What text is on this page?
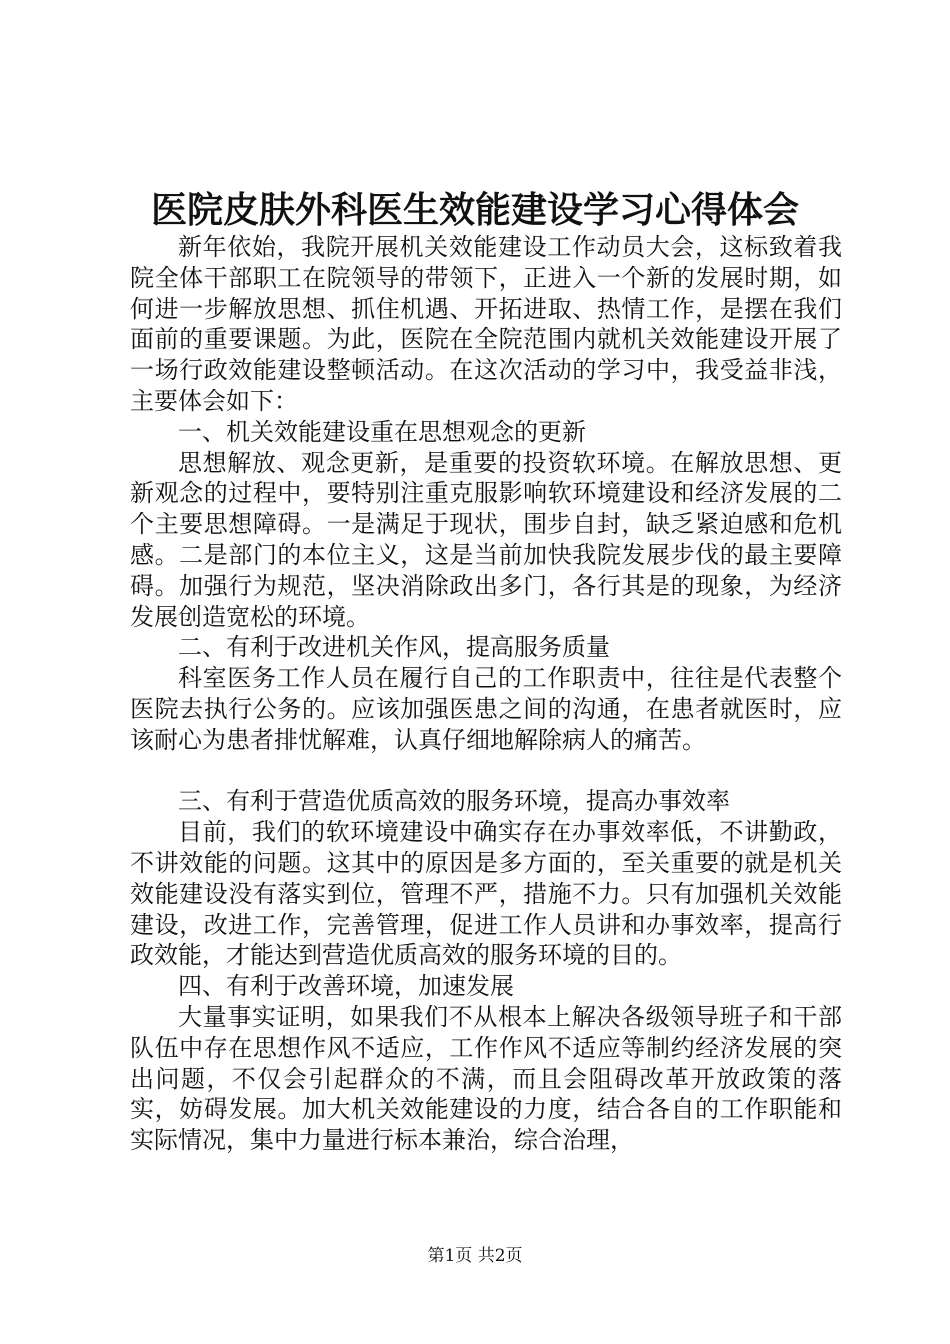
医院皮肤外科医生效能建设学习心得体会

新年依始，我院开展机关效能建设工作动员大会，这标致着我院全体干部职工在院领导的带领下，正进入一个新的发展时期，如何进一步解放思想、抓住机遇、开拓进取、热情工作，是摆在我们面前的重要课题。为此，医院在全院范围内就机关效能建设开展了一场行政效能建设整顿活动。在这次活动的学习中，我受益非浅，主要体会如下：

一、机关效能建设重在思想观念的更新

思想解放、观念更新，是重要的投资软环境。在解放思想、更新观念的过程中，要特别注重克服影响软环境建设和经济发展的二个主要思想障碍。一是满足于现状，围步自封，缺乏紧迫感和危机感。二是部门的本位主义，这是当前加快我院发展步伐的最主要障碍。加强行为规范，坚决消除政出多门，各行其是的现象，为经济发展创造宽松的环境。

二、有利于改进机关作风，提高服务质量

科室医务工作人员在履行自己的工作职责中，往往是代表整个医院去执行公务的。应该加强医患之间的沟通，在患者就医时，应该耐心为患者排忧解难，认真仔细地解除病人的痛苦。

三、有利于营造优质高效的服务环境，提高办事效率

目前，我们的软环境建设中确实存在办事效率低，不讲勤政，不讲效能的问题。这其中的原因是多方面的，至关重要的就是机关效能建设没有落实到位，管理不严，措施不力。只有加强机关效能建设，改进工作，完善管理，促进工作人员讲和办事效率，提高行政效能，才能达到营造优质高效的服务环境的目的。

四、有利于改善环境，加速发展

大量事实证明，如果我们不从根本上解决各级领导班子和干部队伍中存在思想作风不适应，工作作风不适应等制约经济发展的突出问题，不仅会引起群众的不满，而且会阻碍改革开放政策的落实，妨碍发展。加大机关效能建设的力度，结合各自的工作职能和实际情况，集中力量进行标本兼治，综合治理，

第1页 共2页
